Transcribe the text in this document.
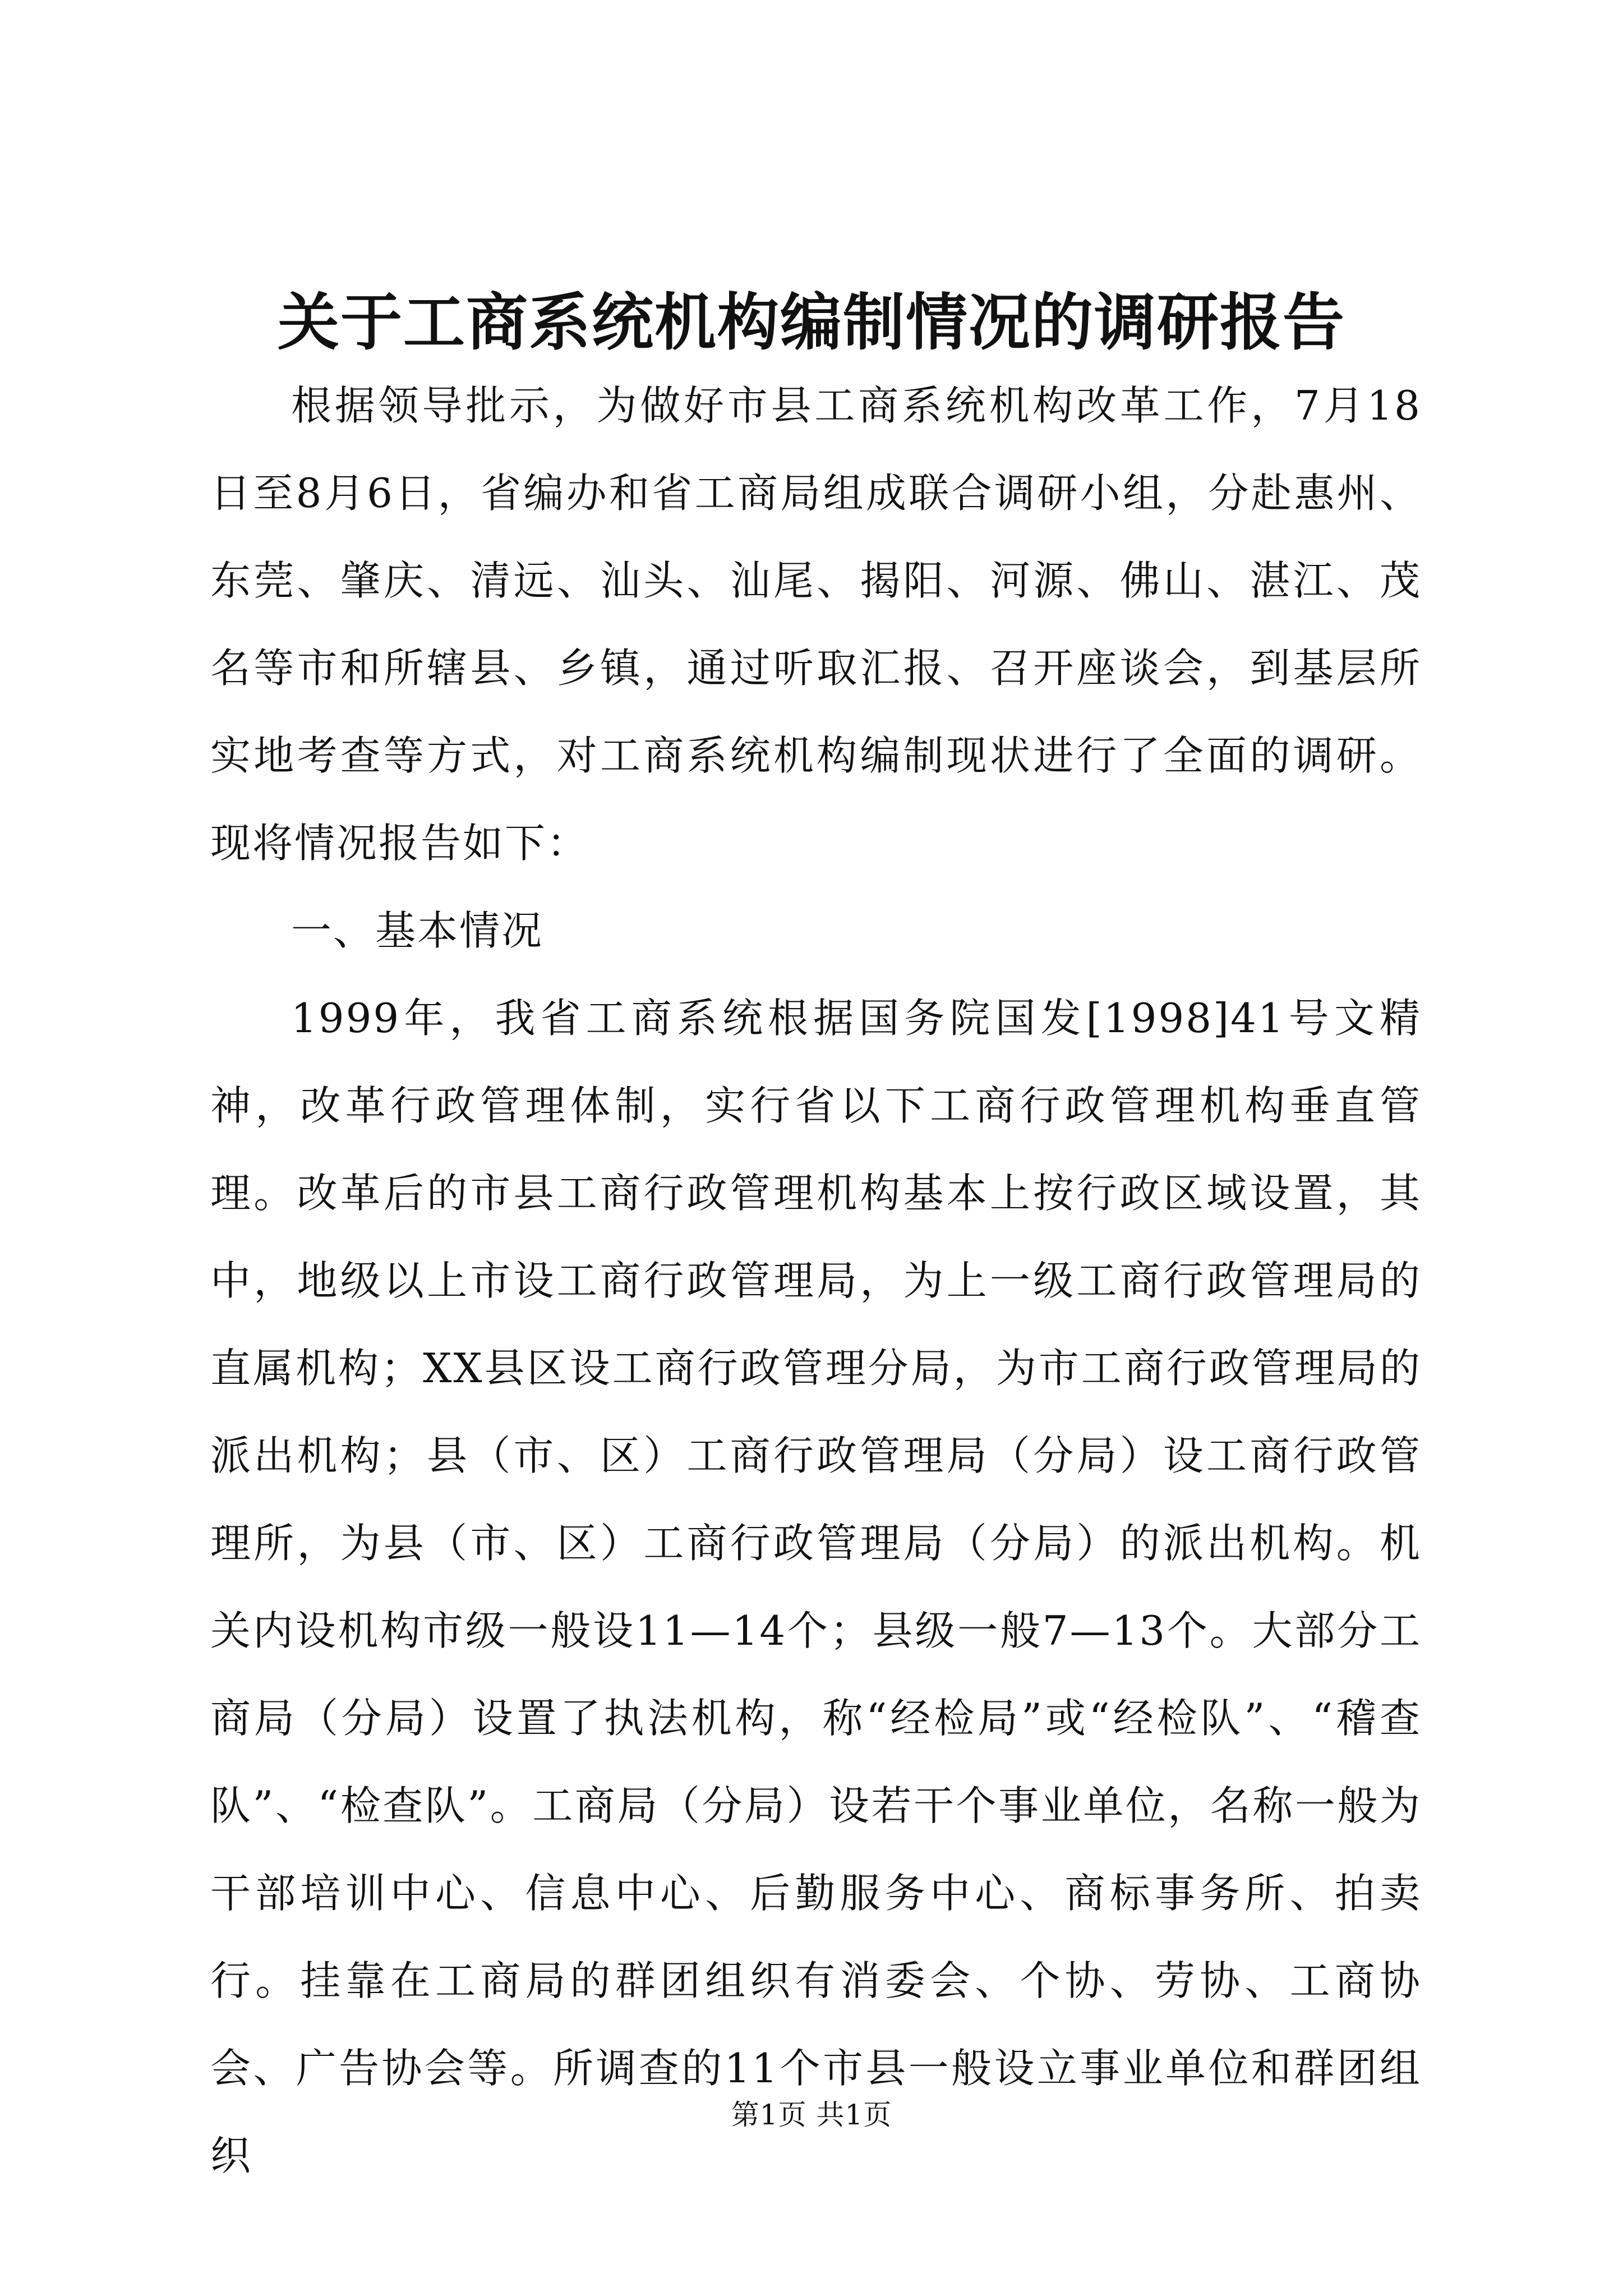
关于工商系统机构编制情况的调研报告

根据领导批示，为做好市县工商系统机构改革工作，7月18日至8月6日，省编办和省工商局组成联合调研小组，分赴惠州、东莞、肇庆、清远、汕头、汕尾、揭阳、河源、佛山、湛江、茂名等市和所辖县、乡镇，通过听取汇报、召开座谈会，到基层所实地考查等方式，对工商系统机构编制现状进行了全面的调研。现将情况报告如下：

一、基本情况

1999年，我省工商系统根据国务院国发[1998]41号文精神，改革行政管理体制，实行省以下工商行政管理机构垂直管理。改革后的市县工商行政管理机构基本上按行政区域设置，其中，地级以上市设工商行政管理局，为上一级工商行政管理局的直属机构；XX县区设工商行政管理分局，为市工商行政管理局的派出机构；县（市、区）工商行政管理局（分局）设工商行政管理所，为县（市、区）工商行政管理局（分局）的派出机构。机关内设机构市级一般设11—14个；县级一般7—13个。大部分工商局（分局）设置了执法机构，称“经检局”或“经检队”、“稽查队”、“检查队”。工商局（分局）设若干个事业单位，名称一般为干部培训中心、信息中心、后勤服务中心、商标事务所、拍卖行。挂靠在工商局的群团组织有消委会、个协、劳协、工商协会、广告协会等。所调查的11个市县一般设立事业单位和群团组织

第1页 共1页
